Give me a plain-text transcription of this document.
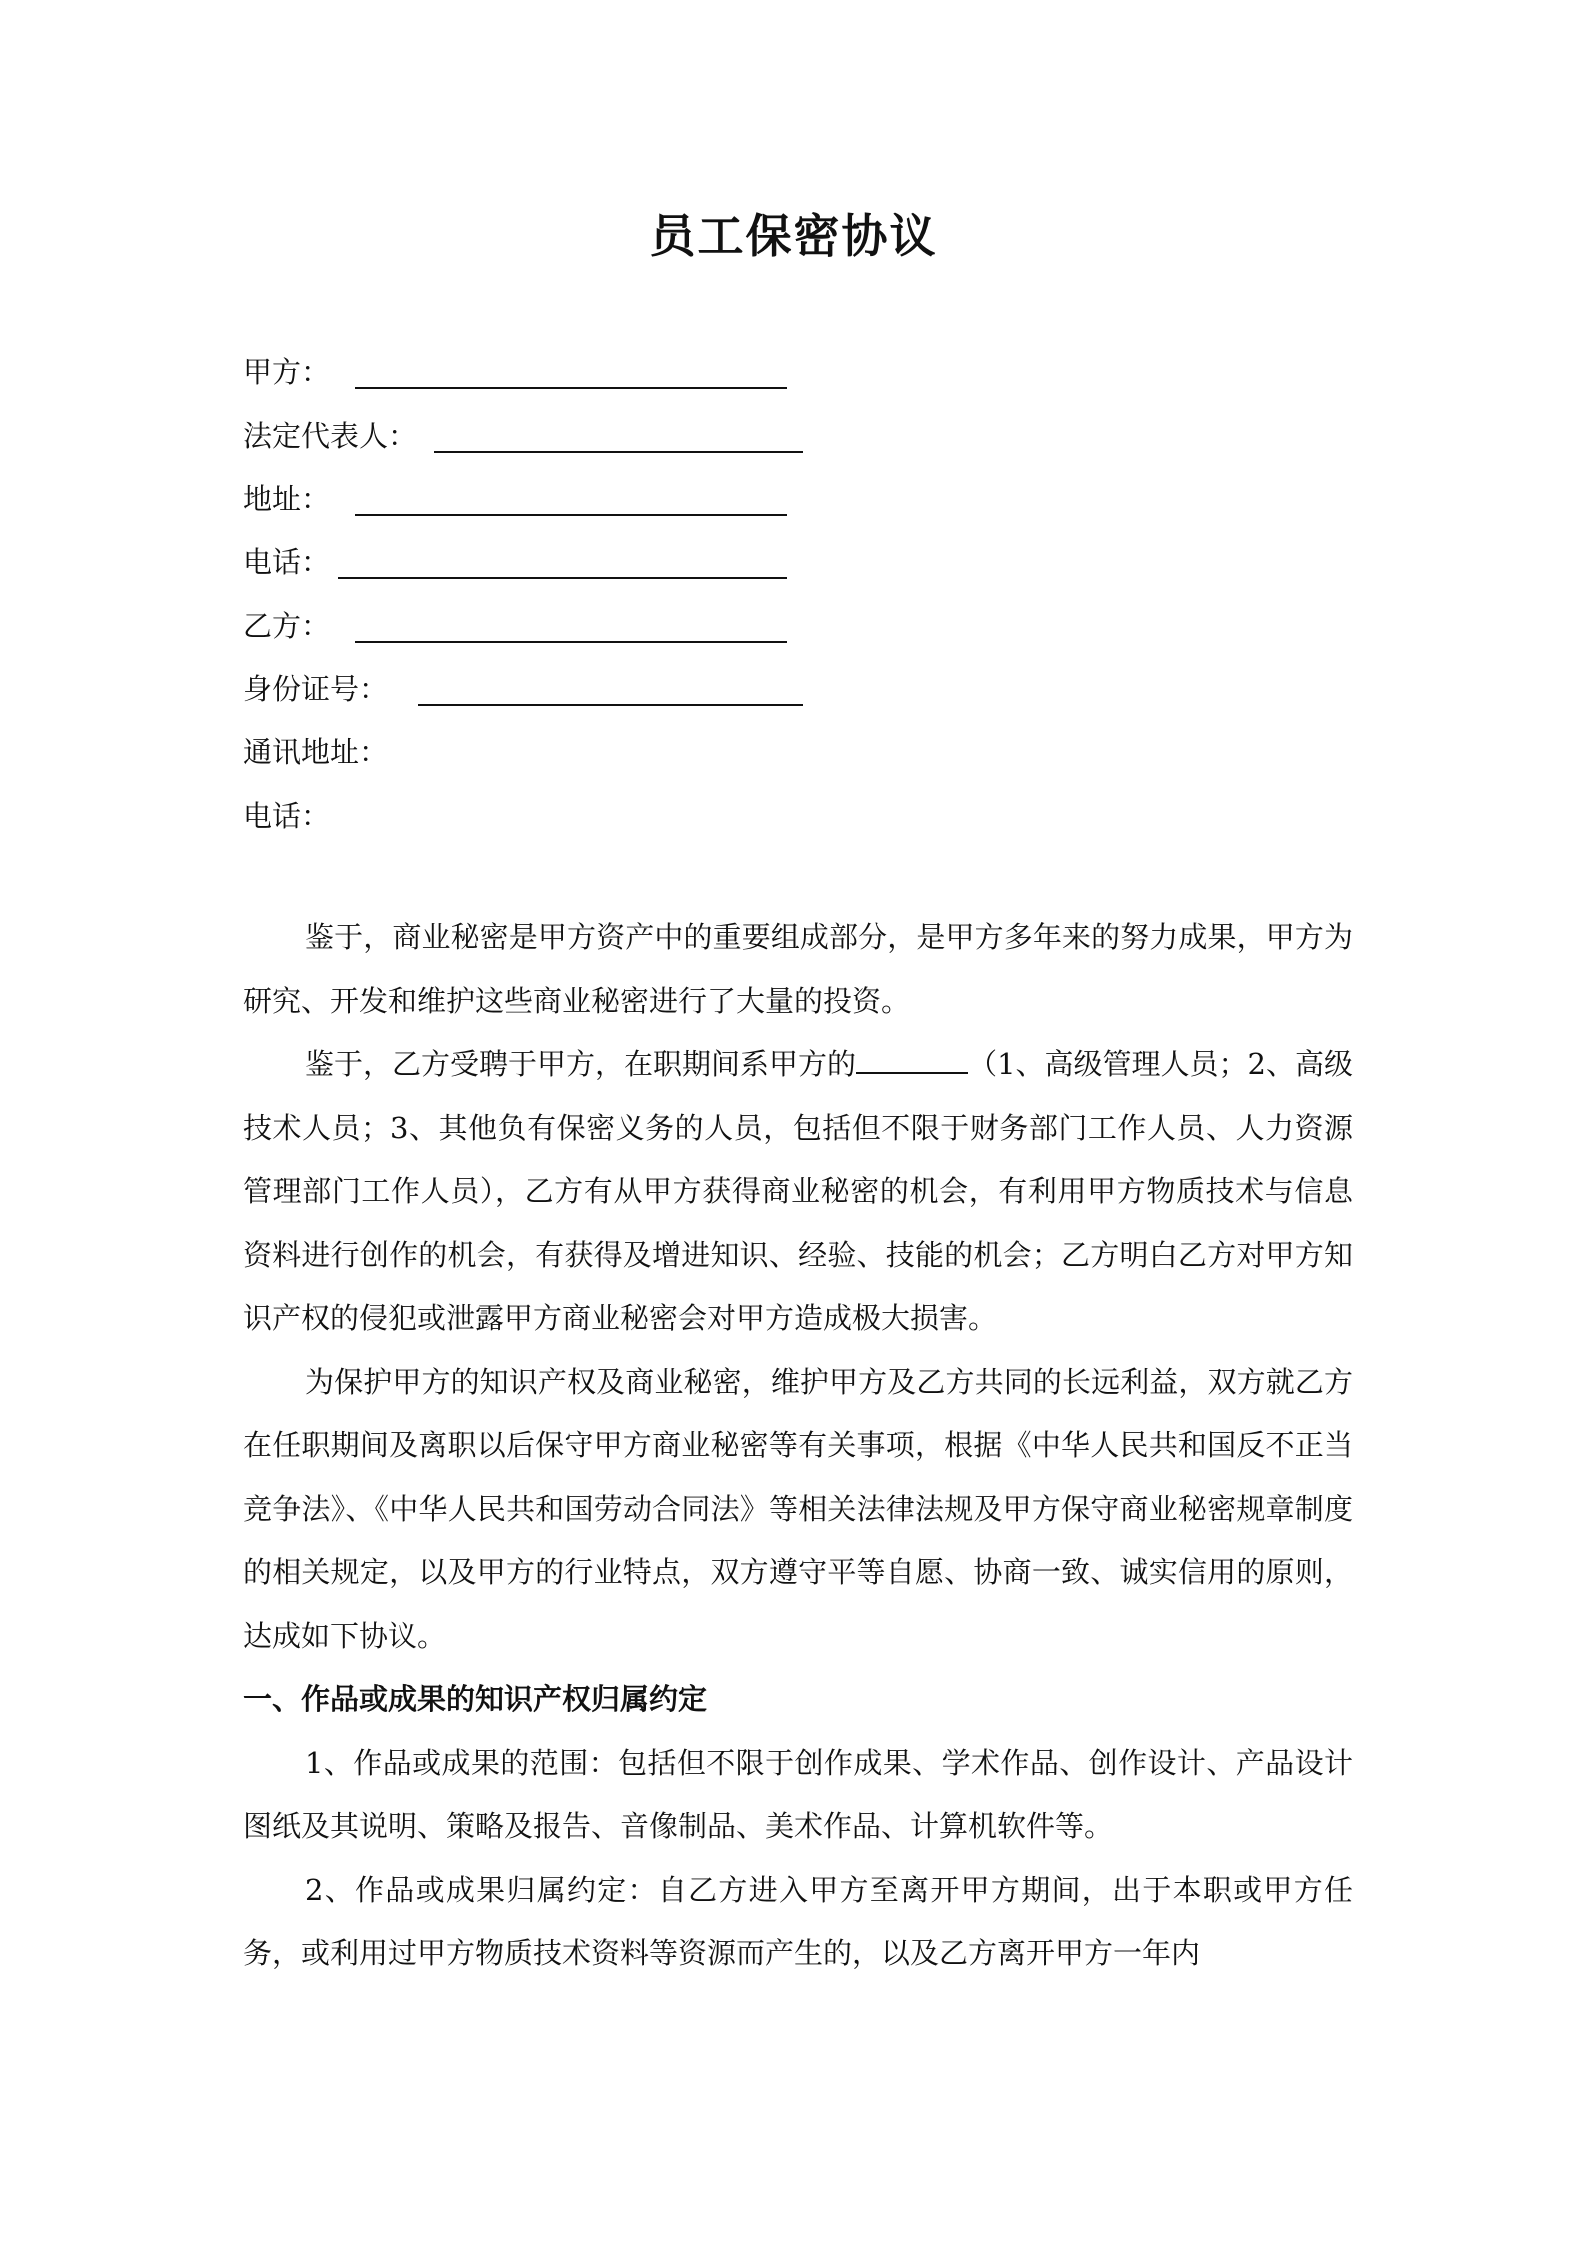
员工保密协议
甲方：
法定代表人：
地址：
电话：
乙方：
身份证号：
通讯地址：
电话：

鉴于，商业秘密是甲方资产中的重要组成部分，是甲方多年来的努力成果，甲方为研究、开发和维护这些商业秘密进行了大量的投资。

鉴于，乙方受聘于甲方，在职期间系甲方的	（1、高级管理人员；2、高级技术人员；3、其他负有保密义务的人员，包括但不限于财务部门工作人员、人力资源管理部门工作人员），乙方有从甲方获得商业秘密的机会，有利用甲方物质技术与信息资料进行创作的机会，有获得及增进知识、经验、技能的机会；乙方明白乙方对甲方知识产权的侵犯或泄露甲方商业秘密会对甲方造成极大损害。

为保护甲方的知识产权及商业秘密，维护甲方及乙方共同的长远利益，双方就乙方在任职期间及离职以后保守甲方商业秘密等有关事项，根据《中华人民共和国反不正当竞争法》、《中华人民共和国劳动合同法》等相关法律法规及甲方保守商业秘密规章制度的相关规定，以及甲方的行业特点，双方遵守平等自愿、协商一致、诚实信用的原则，达成如下协议。

一、作品或成果的知识产权归属约定

1、作品或成果的范围：包括但不限于创作成果、学术作品、创作设计、产品设计图纸及其说明、策略及报告、音像制品、美术作品、计算机软件等。

2、作品或成果归属约定：自乙方进入甲方至离开甲方期间，出于本职或甲方任务，或利用过甲方物质技术资料等资源而产生的，以及乙方离开甲方一年内
